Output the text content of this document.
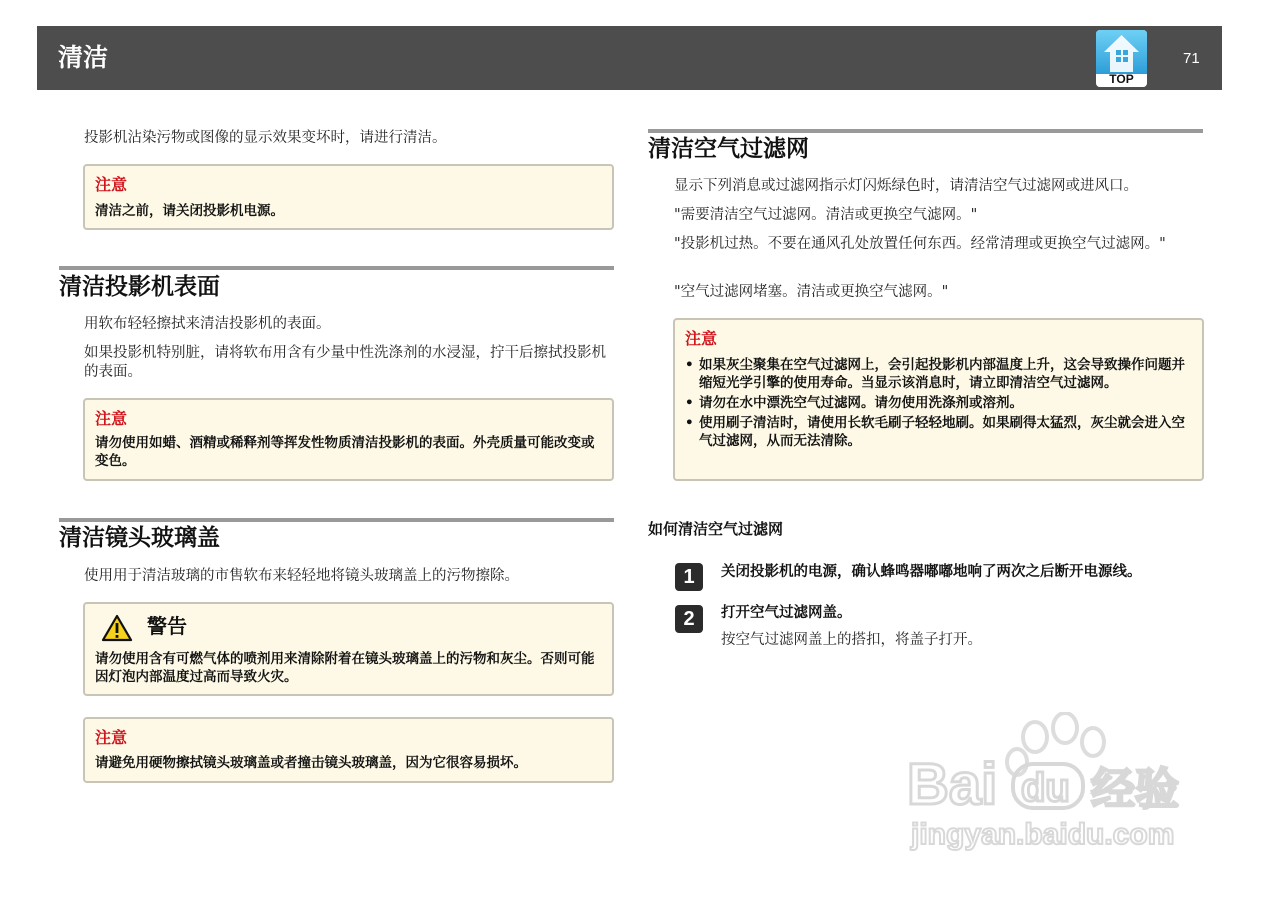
清洁
TOP
71

投影机沾染污物或图像的显示效果变坏时，请进行清洁。

注意

清洁之前，请关闭投影机电源。

清洁投影机表面

用软布轻轻擦拭来清洁投影机的表面。

如果投影机特别脏，请将软布用含有少量中性洗涤剂的水浸湿，拧干后擦拭投影机的表面。

注意

请勿使用如蜡、酒精或稀释剂等挥发性物质清洁投影机的表面。外壳质量可能改变或变色。

清洁镜头玻璃盖

使用用于清洁玻璃的市售软布来轻轻地将镜头玻璃盖上的污物擦除。

警告

请勿使用含有可燃气体的喷剂用来清除附着在镜头玻璃盖上的污物和灰尘。否则可能因灯泡内部温度过高而导致火灾。

注意

请避免用硬物擦拭镜头玻璃盖或者撞击镜头玻璃盖，因为它很容易损坏。

清洁空气过滤网

显示下列消息或过滤网指示灯闪烁绿色时，请清洁空气过滤网或进风口。

"需要清洁空气过滤网。清洁或更换空气滤网。"

"投影机过热。不要在通风孔处放置任何东西。经常清理或更换空气过滤网。"

"空气过滤网堵塞。清洁或更换空气滤网。"

注意
• 如果灰尘聚集在空气过滤网上，会引起投影机内部温度上升，这会导致操作问题并缩短光学引擎的使用寿命。当显示该消息时，请立即清洁空气过滤网。
• 请勿在水中漂洗空气过滤网。请勿使用洗涤剂或溶剂。
• 使用刷子清洁时，请使用长软毛刷子轻轻地刷。如果刷得太猛烈，灰尘就会进入空气过滤网，从而无法清除。
如何清洁空气过滤网
1	关闭投影机的电源，确认蜂鸣器嘟嘟地响了两次之后断开电源线。

2	打开空气过滤网盖。

按空气过滤网盖上的搭扣，将盖子打开。

Bai du 经验
jingyan.baidu.com
